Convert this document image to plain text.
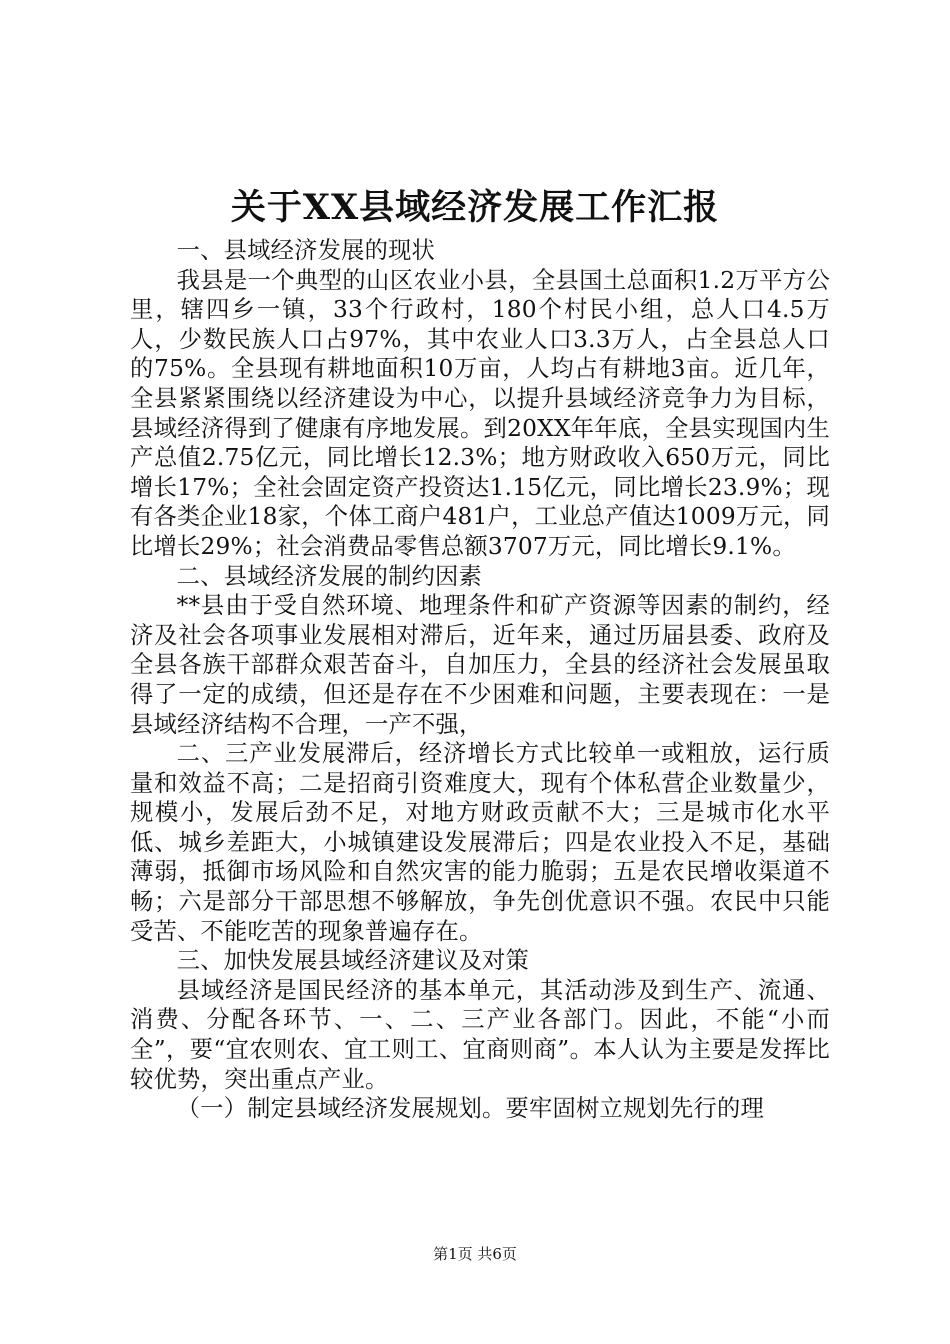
关于XX县域经济发展工作汇报

一、县域经济发展的现状

我县是一个典型的山区农业小县，全县国土总面积1.2万平方公里，辖四乡一镇，33个行政村，180个村民小组，总人口4.5万人，少数民族人口占97%，其中农业人口3.3万人，占全县总人口的75%。全县现有耕地面积10万亩，人均占有耕地3亩。近几年，全县紧紧围绕以经济建设为中心，以提升县域经济竞争力为目标，县域经济得到了健康有序地发展。到20XX年年底，全县实现国内生产总值2.75亿元，同比增长12.3%；地方财政收入650万元，同比增长17%；全社会固定资产投资达1.15亿元，同比增长23.9%；现有各类企业18家，个体工商户481户，工业总产值达1009万元，同比增长29%；社会消费品零售总额3707万元，同比增长9.1%。

二、县域经济发展的制约因素

**县由于受自然环境、地理条件和矿产资源等因素的制约，经济及社会各项事业发展相对滞后，近年来，通过历届县委、政府及全县各族干部群众艰苦奋斗，自加压力，全县的经济社会发展虽取得了一定的成绩，但还是存在不少困难和问题，主要表现在：一是县域经济结构不合理，一产不强，

二、三产业发展滞后，经济增长方式比较单一或粗放，运行质量和效益不高；二是招商引资难度大，现有个体私营企业数量少，规模小，发展后劲不足，对地方财政贡献不大；三是城市化水平低、城乡差距大，小城镇建设发展滞后；四是农业投入不足，基础薄弱，抵御市场风险和自然灾害的能力脆弱；五是农民增收渠道不畅；六是部分干部思想不够解放，争先创优意识不强。农民中只能受苦、不能吃苦的现象普遍存在。

三、加快发展县域经济建议及对策

县域经济是国民经济的基本单元，其活动涉及到生产、流通、消费、分配各环节、一、二、三产业各部门。因此，不能“小而全”，要“宜农则农、宜工则工、宜商则商”。本人认为主要是发挥比较优势，突出重点产业。

（一）制定县域经济发展规划。要牢固树立规划先行的理

第1页 共6页
